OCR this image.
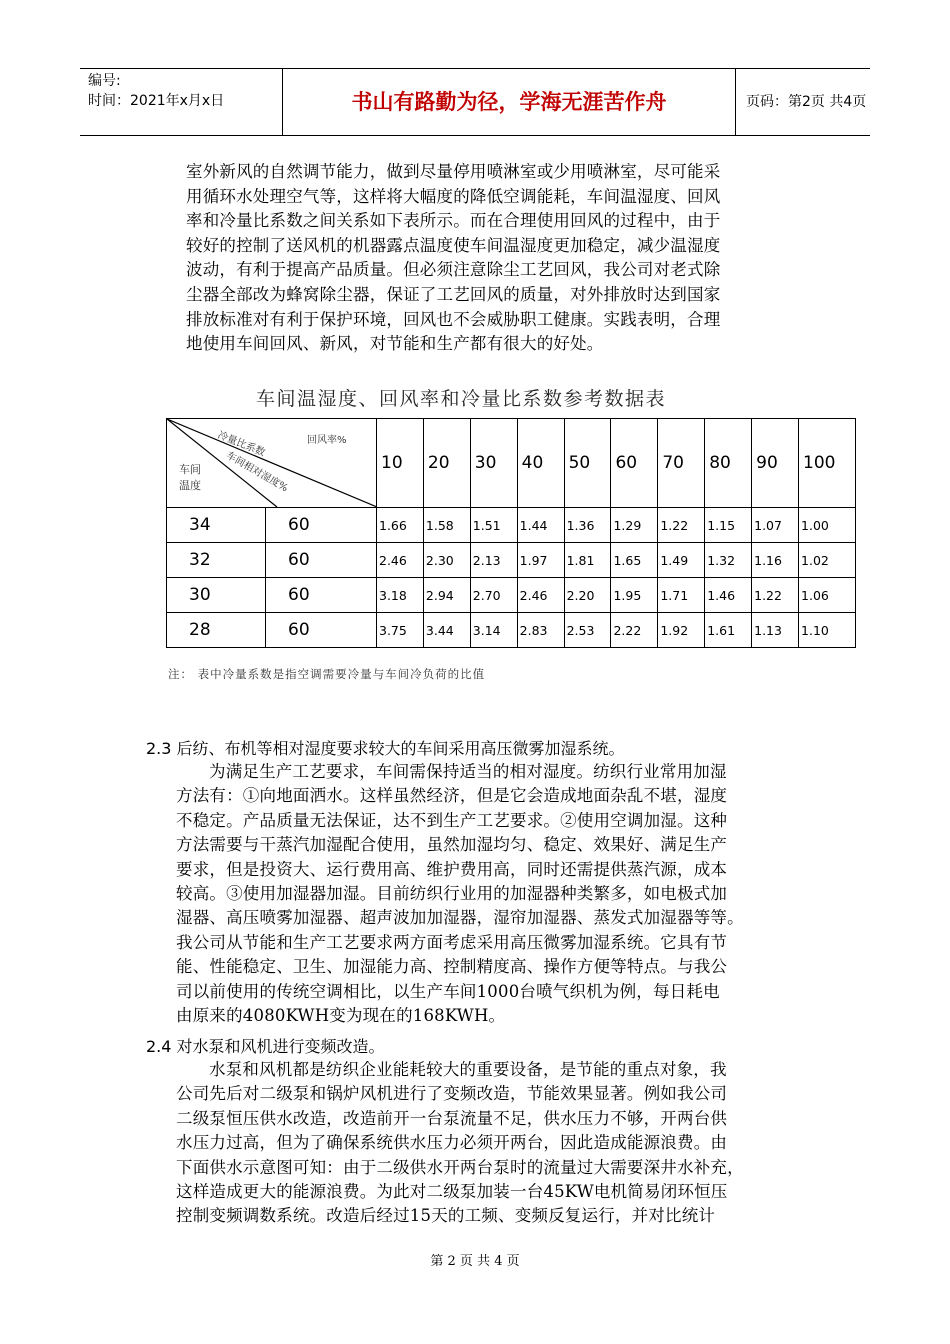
编号:
时间：2021年x月x日	书山有路勤为径，学海无涯苦作舟	页码：第2页 共4页

室外新风的自然调节能力，做到尽量停用喷淋室或少用喷淋室，尽可能采

用循环水处理空气等，这样将大幅度的降低空调能耗，车间温湿度、回风

率和冷量比系数之间关系如下表所示。而在合理使用回风的过程中，由于

较好的控制了送风机的机器露点温度使车间温湿度更加稳定，减少温湿度

波动，有利于提高产品质量。但必须注意除尘工艺回风，我公司对老式除

尘器全部改为蜂窝除尘器，保证了工艺回风的质量，对外排放时达到国家

排放标准对有利于保护环境，回风也不会威胁职工健康。实践表明，合理

地使用车间回风、新风，对节能和生产都有很大的好处。

车间温湿度、回风率和冷量比系数参考数据表
回风率%
冷量比系数
车间相对湿度%
车间
温度		10	20	30	40	50	60	70	80	90	100
34	60	1.66	1.58	1.51	1.44	1.36	1.29	1.22	1.15	1.07	1.00
32	60	2.46	2.30	2.13	1.97	1.81	1.65	1.49	1.32	1.16	1.02
30	60	3.18	2.94	2.70	2.46	2.20	1.95	1.71	1.46	1.22	1.06
28	60	3.75	3.44	3.14	2.83	2.53	2.22	1.92	1.61	1.13	1.10
注： 表中冷量系数是指空调需要冷量与车间冷负荷的比值
2.3 后纺、布机等相对湿度要求较大的车间采用高压微雾加湿系统。

为满足生产工艺要求，车间需保持适当的相对湿度。纺织行业常用加湿

方法有：①向地面洒水。这样虽然经济，但是它会造成地面杂乱不堪，湿度

不稳定。产品质量无法保证，达不到生产工艺要求。②使用空调加湿。这种

方法需要与干蒸汽加湿配合使用，虽然加湿均匀、稳定、效果好、满足生产

要求，但是投资大、运行费用高、维护费用高，同时还需提供蒸汽源，成本

较高。③使用加湿器加湿。目前纺织行业用的加湿器种类繁多，如电极式加

湿器、高压喷雾加湿器、超声波加加湿器，湿帘加湿器、蒸发式加湿器等等。

我公司从节能和生产工艺要求两方面考虑采用高压微雾加湿系统。它具有节

能、性能稳定、卫生、加湿能力高、控制精度高、操作方便等特点。与我公

司以前使用的传统空调相比，以生产车间1000台喷气织机为例，每日耗电

由原来的4080KWH变为现在的168KWH。

2.4 对水泵和风机进行变频改造。

水泵和风机都是纺织企业能耗较大的重要设备，是节能的重点对象，我

公司先后对二级泵和锅炉风机进行了变频改造，节能效果显著。例如我公司

二级泵恒压供水改造，改造前开一台泵流量不足，供水压力不够，开两台供

水压力过高，但为了确保系统供水压力必须开两台，因此造成能源浪费。由

下面供水示意图可知：由于二级供水开两台泵时的流量过大需要深井水补充，

这样造成更大的能源浪费。为此对二级泵加装一台45KW电机简易闭环恒压

控制变频调数系统。改造后经过15天的工频、变频反复运行，并对比统计

第 2 页 共 4 页
